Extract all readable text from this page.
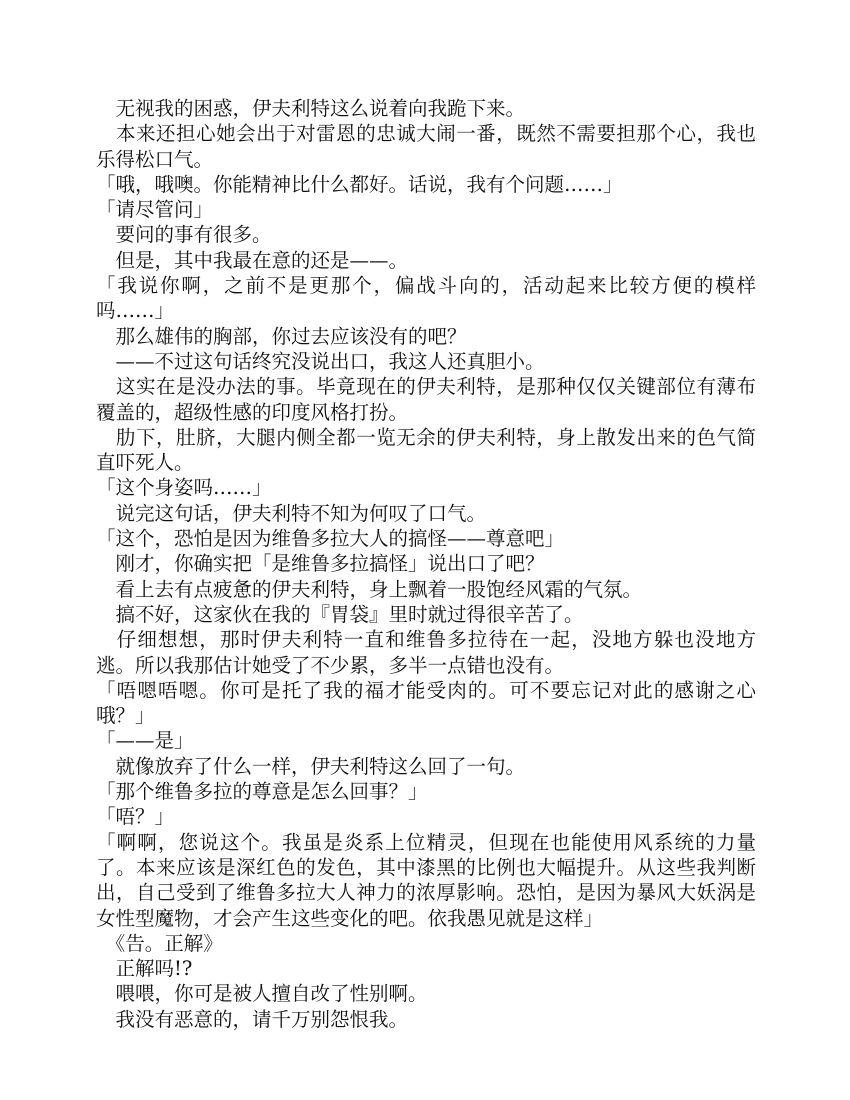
　无视我的困惑，伊夫利特这么说着向我跪下来。

　本来还担心她会出于对雷恩的忠诚大闹一番，既然不需要担那个心，我也乐得松口气。

「哦，哦噢。你能精神比什么都好。话说，我有个问题……」

「请尽管问」

　要问的事有很多。

　但是，其中我最在意的还是——。

「我说你啊，之前不是更那个，偏战斗向的，活动起来比较方便的模样吗……」

　那么雄伟的胸部，你过去应该没有的吧？

　——不过这句话终究没说出口，我这人还真胆小。

　这实在是没办法的事。毕竟现在的伊夫利特，是那种仅仅关键部位有薄布覆盖的，超级性感的印度风格打扮。

　肋下，肚脐，大腿内侧全都一览无余的伊夫利特，身上散发出来的色气简直吓死人。

「这个身姿吗……」

　说完这句话，伊夫利特不知为何叹了口气。

「这个，恐怕是因为维鲁多拉大人的搞怪——尊意吧」

　刚才，你确实把「是维鲁多拉搞怪」说出口了吧？

　看上去有点疲惫的伊夫利特，身上飘着一股饱经风霜的气氛。

　搞不好，这家伙在我的『胃袋』里时就过得很辛苦了。

　仔细想想，那时伊夫利特一直和维鲁多拉待在一起，没地方躲也没地方逃。所以我那估计她受了不少累，多半一点错也没有。

「唔嗯唔嗯。你可是托了我的福才能受肉的。可不要忘记对此的感谢之心哦？」

「——是」

　就像放弃了什么一样，伊夫利特这么回了一句。

「那个维鲁多拉的尊意是怎么回事？」

「唔？」

「啊啊，您说这个。我虽是炎系上位精灵，但现在也能使用风系统的力量了。本来应该是深红色的发色，其中漆黑的比例也大幅提升。从这些我判断出，自己受到了维鲁多拉大人神力的浓厚影响。恐怕，是因为暴风大妖涡是女性型魔物，才会产生这些变化的吧。依我愚见就是这样」

　《告。正解》

　正解吗!?

　喂喂，你可是被人擅自改了性别啊。

　我没有恶意的，请千万别怨恨我。
